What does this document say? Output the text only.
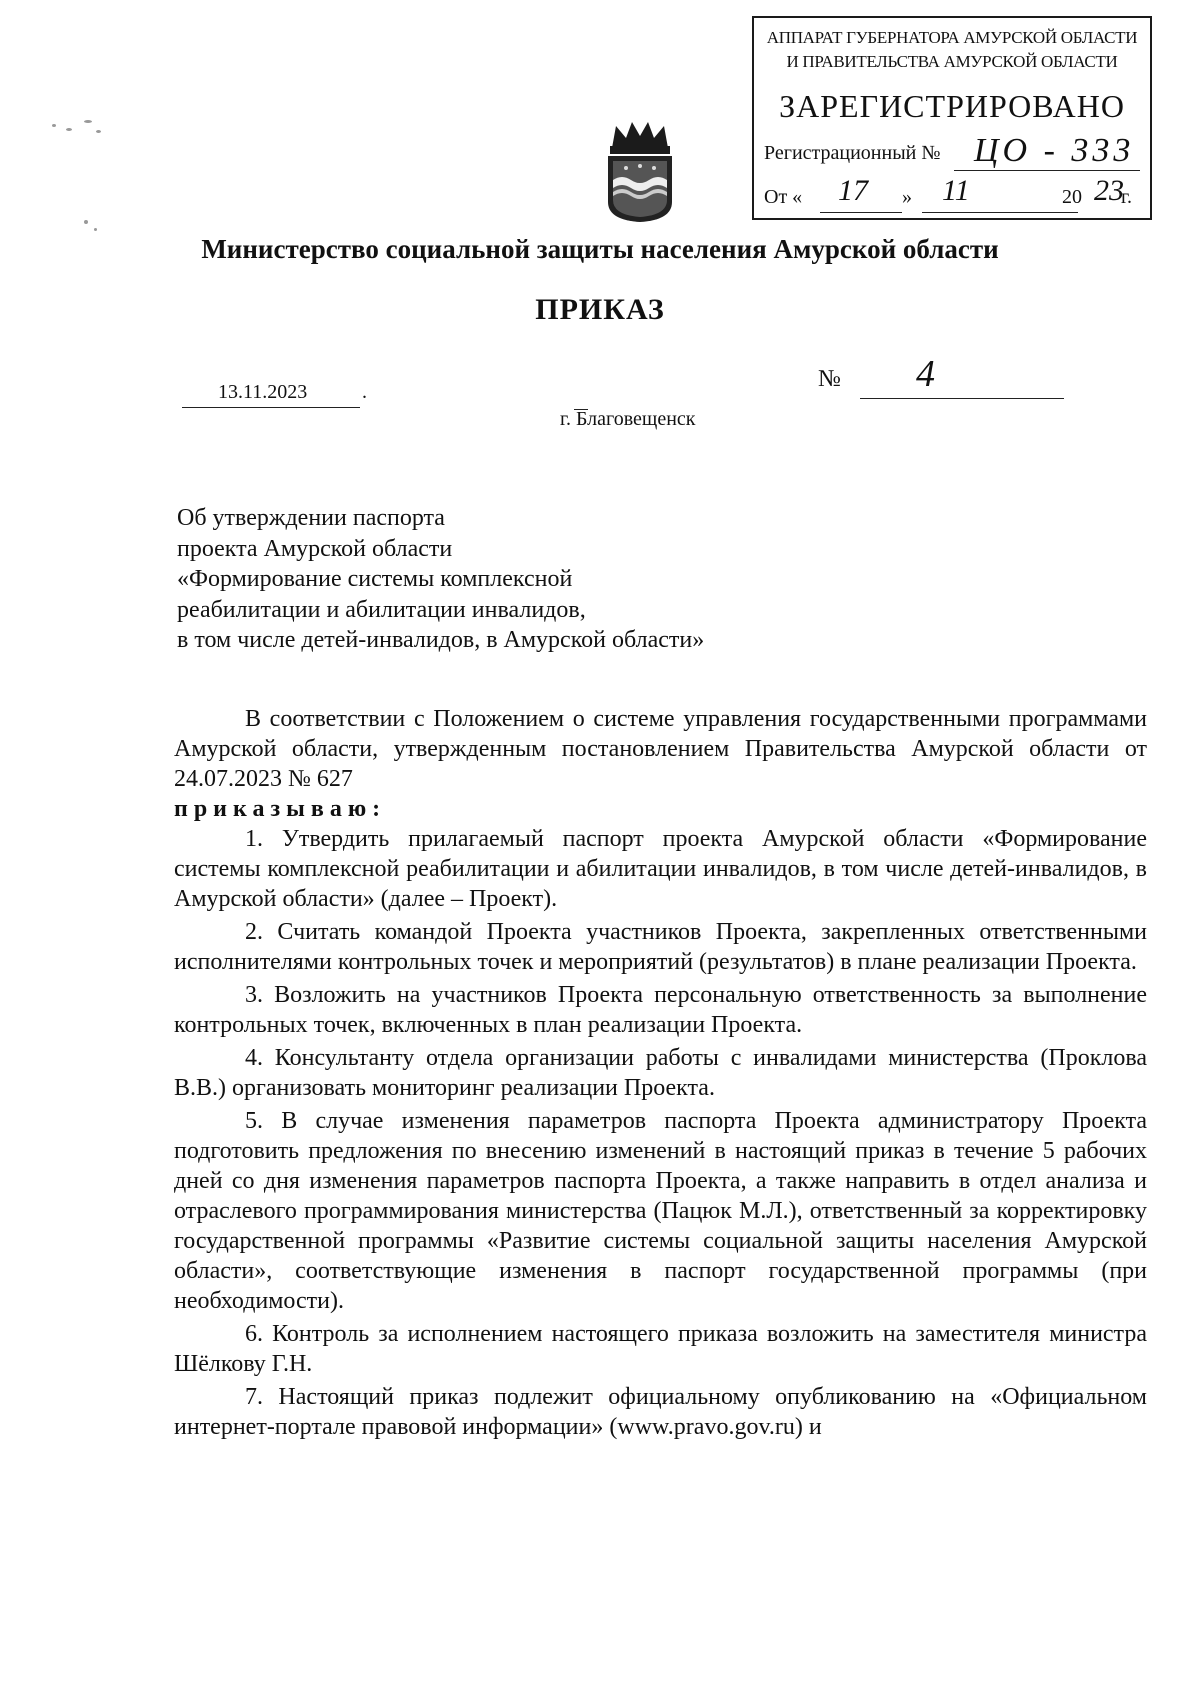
АППАРАТ ГУБЕРНАТОРА АМУРСКОЙ ОБЛАСТИ
И ПРАВИТЕЛЬСТВА АМУРСКОЙ ОБЛАСТИ
ЗАРЕГИСТРИРОВАНО
Регистрационный № ЦО - 333
От « 17 » 11	20 23
г.
Министерство социальной защиты населения Амурской области
ПРИКАЗ
13.11.2023	.	№ 4
г. Благовещенск
Об утверждении паспорта
проекта Амурской области
«Формирование системы комплексной
реабилитации и абилитации инвалидов,
в том числе детей-инвалидов, в Амурской области»

В соответствии с Положением о системе управления государственными программами Амурской области, утвержденным постановлением Правительства Амурской области от 24.07.2023 № 627

приказываю:

1. Утвердить прилагаемый паспорт проекта Амурской области «Формирование системы комплексной реабилитации и абилитации инвалидов, в том числе детей-инвалидов, в Амурской области» (далее – Проект).

2. Считать командой Проекта участников Проекта, закрепленных ответственными исполнителями контрольных точек и мероприятий (результатов) в плане реализации Проекта.

3. Возложить на участников Проекта персональную ответственность за выполнение контрольных точек, включенных в план реализации Проекта.

4. Консультанту отдела организации работы с инвалидами министерства (Проклова В.В.) организовать мониторинг реализации Проекта.

5. В случае изменения параметров паспорта Проекта администратору Проекта подготовить предложения по внесению изменений в настоящий приказ в течение 5 рабочих дней со дня изменения параметров паспорта Проекта, а также направить в отдел анализа и отраслевого программирования министерства (Пацюк М.Л.), ответственный за корректировку государственной программы «Развитие системы социальной защиты населения Амурской области», соответствующие изменения в паспорт государственной программы (при необходимости).

6. Контроль за исполнением настоящего приказа возложить на заместителя министра Шёлкову Г.Н.

7. Настоящий приказ подлежит официальному опубликованию на «Официальном интернет-портале правовой информации» (www.pravo.gov.ru) и
